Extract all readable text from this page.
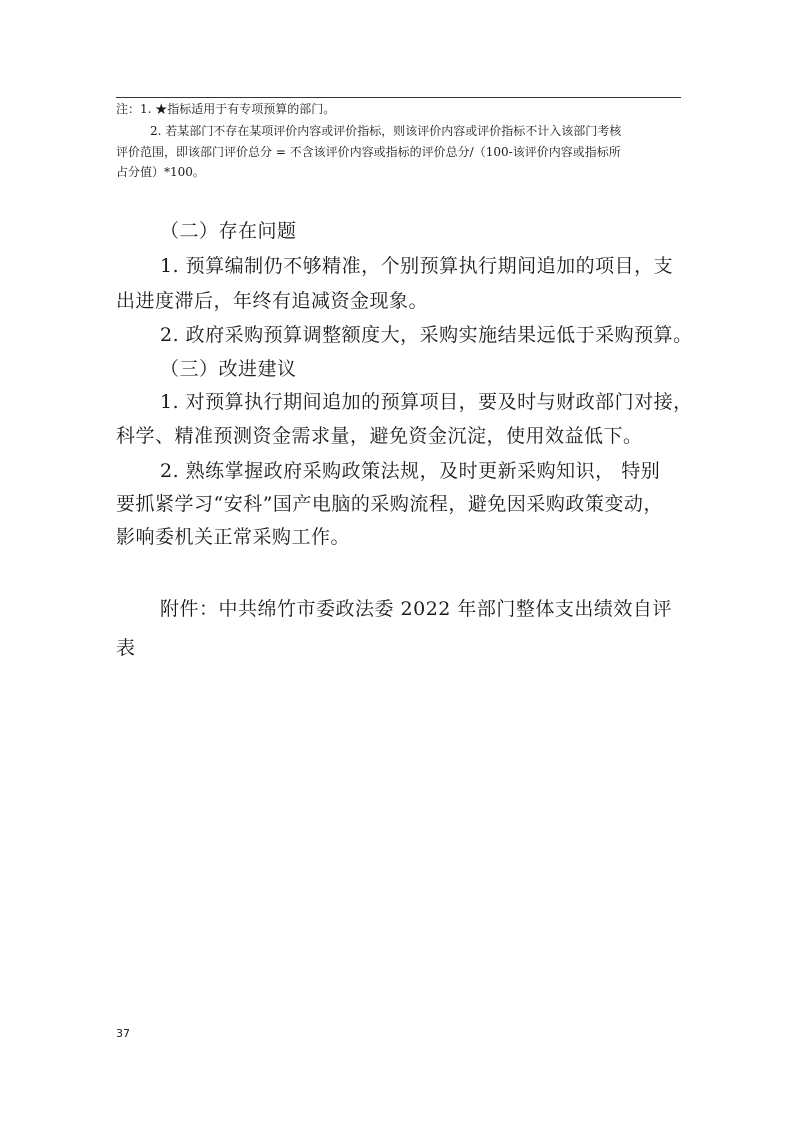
注：1. ★指标适用于有专项预算的部门。
2. 若某部门不存在某项评价内容或评价指标，则该评价内容或评价指标不计入该部门考核
评价范围，即该部门评价总分 = 不含该评价内容或指标的评价总分/（100-该评价内容或指标所
占分值）*100。
（二）存在问题
1. 预算编制仍不够精准，个别预算执行期间追加的项目，支
出进度滞后，年终有追减资金现象。
2. 政府采购预算调整额度大，采购实施结果远低于采购预算。
（三）改进建议
1. 对预算执行期间追加的预算项目，要及时与财政部门对接，
科学、精准预测资金需求量，避免资金沉淀，使用效益低下。
2. 熟练掌握政府采购政策法规，及时更新采购知识， 特别
要抓紧学习“安科”国产电脑的采购流程，避免因采购政策变动，
影响委机关正常采购工作。
附件：中共绵竹市委政法委 2022 年部门整体支出绩效自评
表
37
